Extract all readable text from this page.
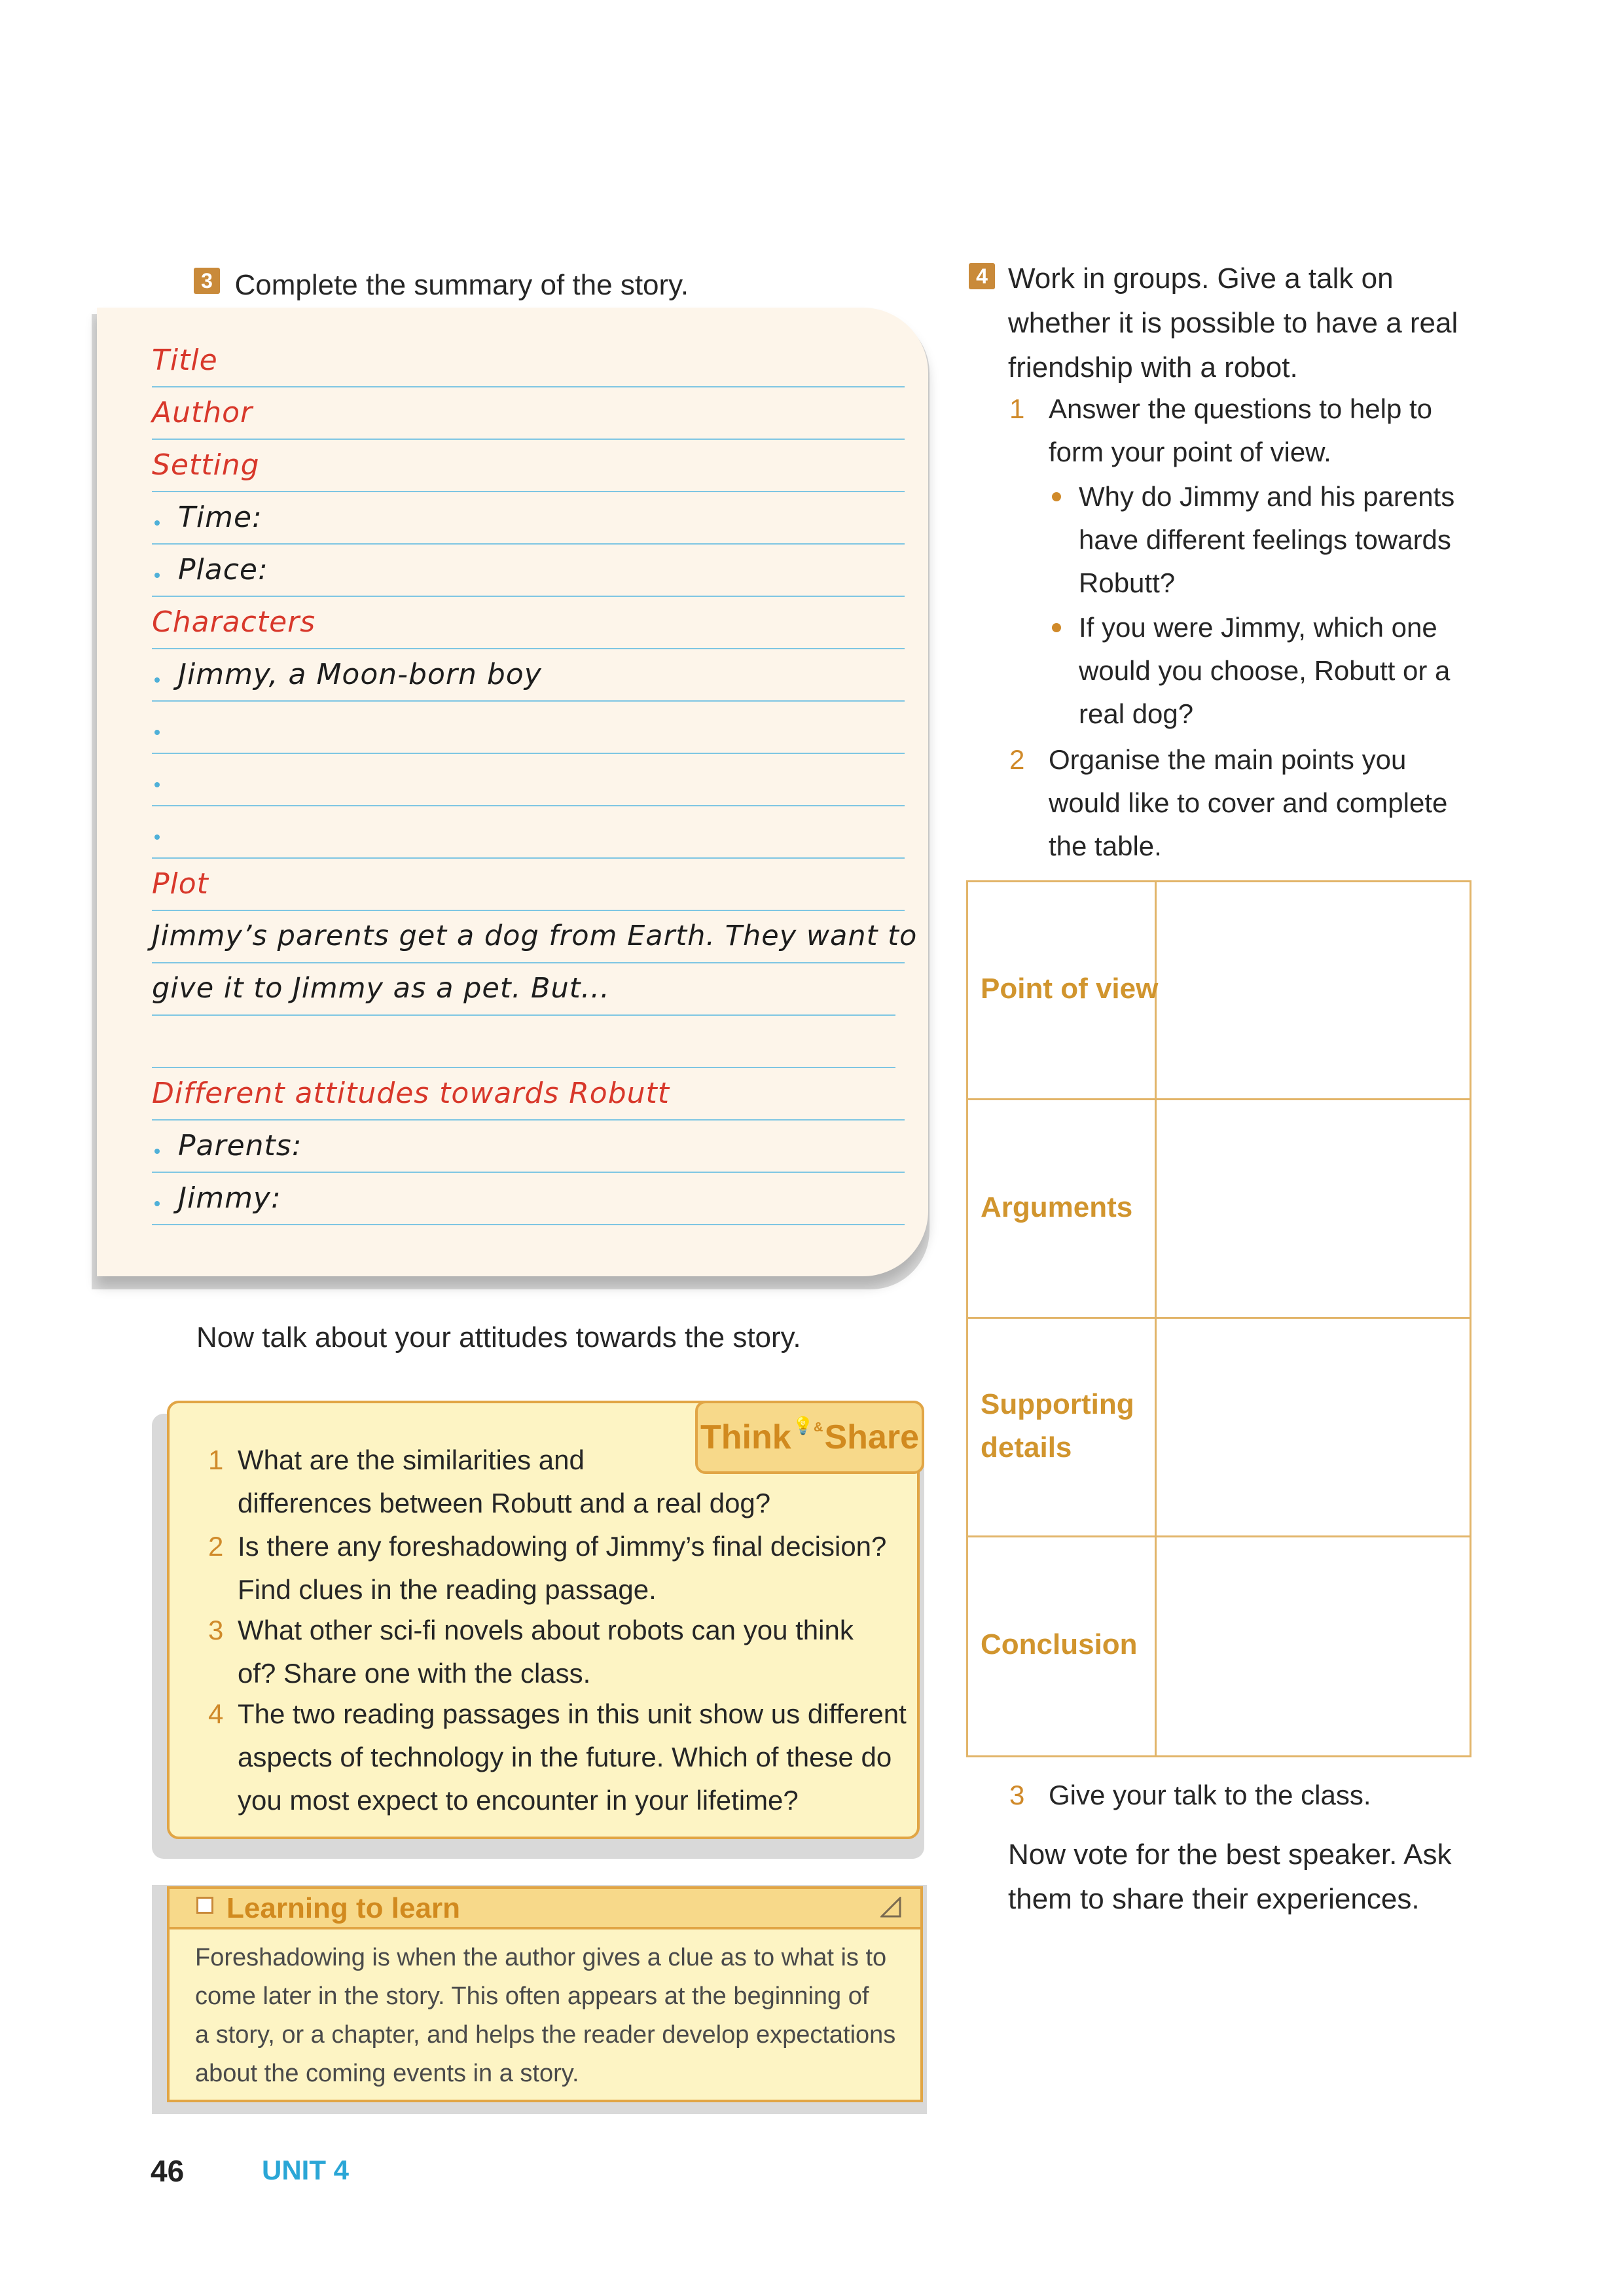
3 Complete the summary of the story.
Title
Author
Setting
Time:
Place:
Characters
Jimmy, a Moon-born boy
Plot
Jimmy’s parents get a dog from Earth. They want to
give it to Jimmy as a pet. But...
Different attitudes towards Robutt
Parents:
Jimmy:
Now talk about your attitudes towards the story.
Think💡&Share
1 What are the similarities and
differences between Robutt and a real dog?
2 Is there any foreshadowing of Jimmy’s final decision?
Find clues in the reading passage.
3 What other sci-fi novels about robots can you think
of? Share one with the class.
4 The two reading passages in this unit show us different
aspects of technology in the future. Which of these do
you most expect to encounter in your lifetime?
Learning to learn
Foreshadowing is when the author gives a clue as to what is to
come later in the story. This often appears at the beginning of
a story, or a chapter, and helps the reader develop expectations
about the coming events in a story.
4 Work in groups. Give a talk on
whether it is possible to have a real
friendship with a robot.
1 Answer the questions to help to
form your point of view.
Why do Jimmy and his parents
have different feelings towards
Robutt?
If you were Jimmy, which one
would you choose, Robutt or a
real dog?
2 Organise the main points you
would like to cover and complete
the table.
Point of view
Arguments
Supporting
details
Conclusion
3 Give your talk to the class.
Now vote for the best speaker. Ask
them to share their experiences.
46	UNIT 4
